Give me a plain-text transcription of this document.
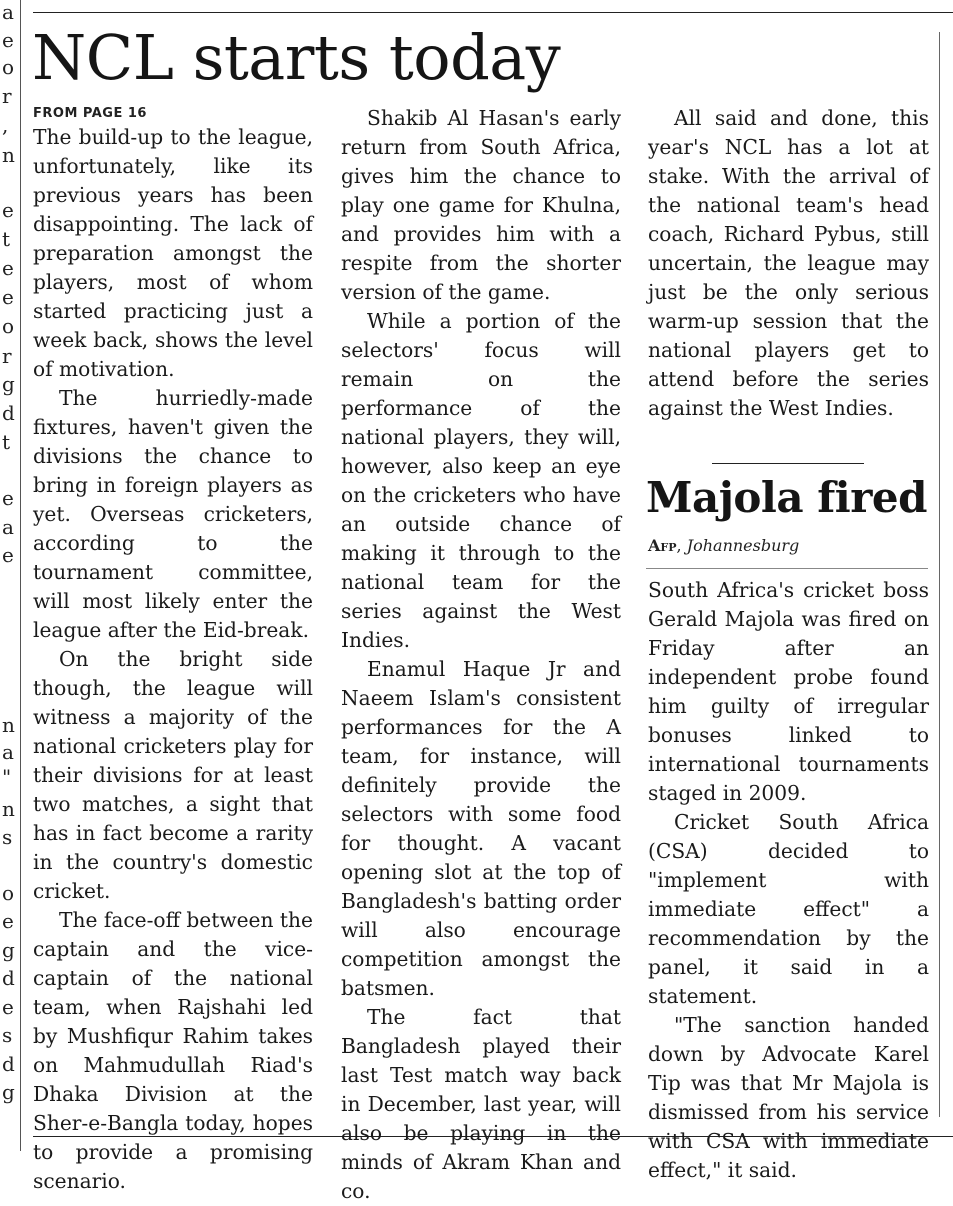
a
e
o
r
,
n
e
t
e
e
o
r
g
d
t
e
a
e
n
a
"
n
s
o
e
g
d
e
s
d
g
NCL starts today
FROM PAGE 16

The build-up to the league, unfortunately, like its previous years has been disappointing. The lack of preparation amongst the players, most of whom started practicing just a week back, shows the level of motivation.

The hurriedly-made fixtures, haven't given the divisions the chance to bring in foreign players as yet. Overseas cricketers, according to the tournament committee, will most likely enter the league after the Eid-break.

On the bright side though, the league will witness a majority of the national cricketers play for their divisions for at least two matches, a sight that has in fact become a rarity in the country's domestic cricket.

The face-off between the captain and the vice-captain of the national team, when Rajshahi led by Mushfiqur Rahim takes on Mahmudullah Riad's Dhaka Division at the Sher-e-Bangla today, hopes to provide a promising scenario.

Shakib Al Hasan's early return from South Africa, gives him the chance to play one game for Khulna, and provides him with a respite from the shorter version of the game.

While a portion of the selectors' focus will remain on the performance of the national players, they will, however, also keep an eye on the cricketers who have an outside chance of making it through to the national team for the series against the West Indies.

Enamul Haque Jr and Naeem Islam's consistent performances for the A team, for instance, will definitely provide the selectors with some food for thought. A vacant opening slot at the top of Bangladesh's batting order will also encourage competition amongst the batsmen.

The fact that Bangladesh played their last Test match way back in December, last year, will also be playing in the minds of Akram Khan and co.

All said and done, this year's NCL has a lot at stake. With the arrival of the national team's head coach, Richard Pybus, still uncertain, the league may just be the only serious warm-up session that the national players get to attend before the series against the West Indies.

Majola fired
Afp, Johannesburg

South Africa's cricket boss Gerald Majola was fired on Friday after an independent probe found him guilty of irregular bonuses linked to international tournaments staged in 2009.

Cricket South Africa (CSA) decided to "implement with immediate effect" a recommendation by the panel, it said in a statement.

"The sanction handed down by Advocate Karel Tip was that Mr Majola is dismissed from his service with CSA with immediate effect," it said.
